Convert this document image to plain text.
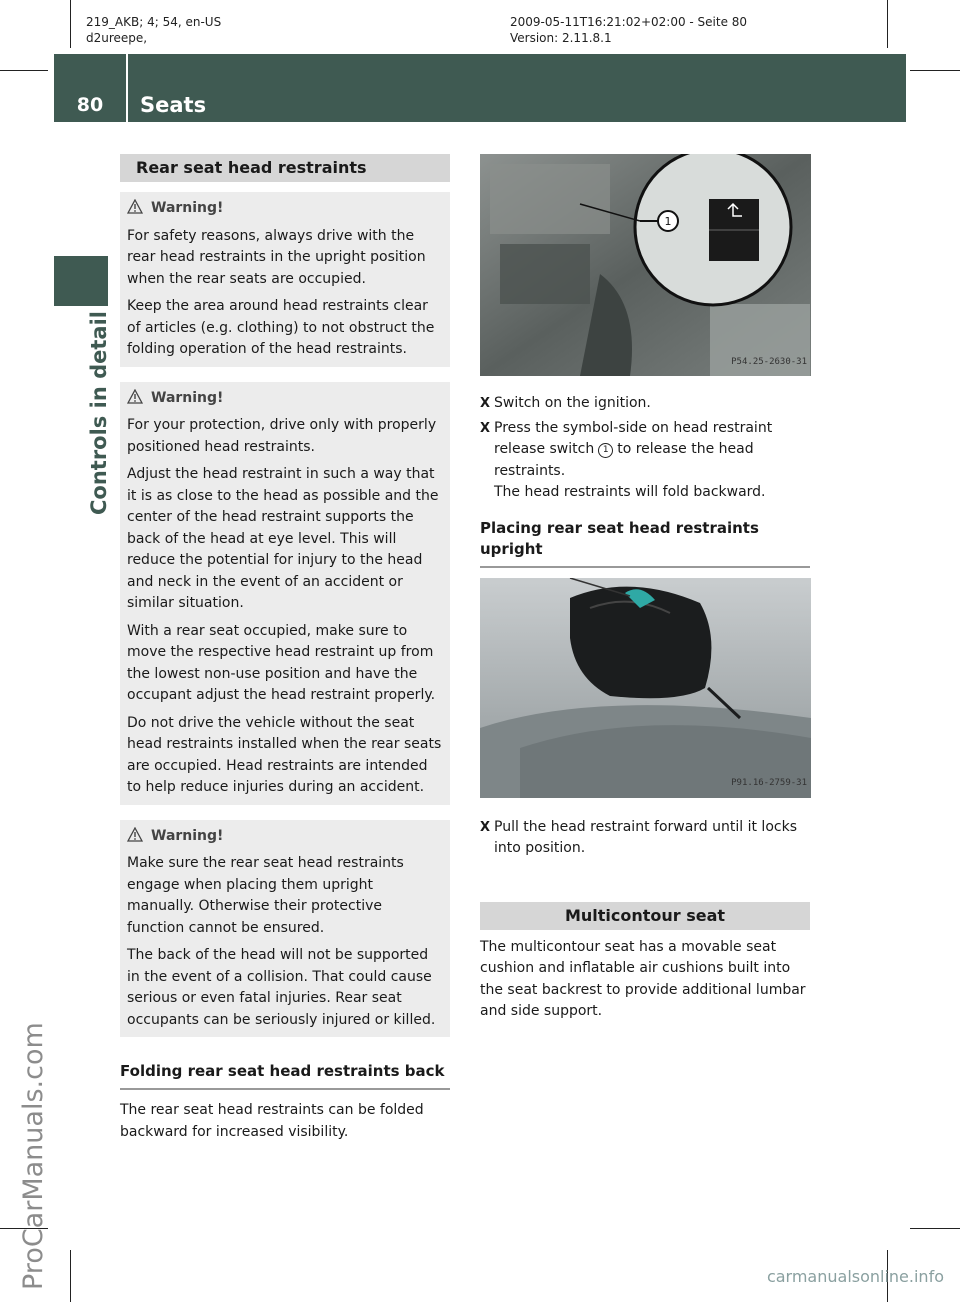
219_AKB; 4; 54, en-US
d2ureepe,
2009-05-11T16:21:02+02:00 - Seite 80
Version: 2.11.8.1
80	Seats
Controls in detail
ProCarManuals.com
Rear seat head restraints

Warning!

For safety reasons, always drive with the rear head restraints in the upright position when the rear seats are occupied.

Keep the area around head restraints clear of articles (e.g. clothing) to not obstruct the folding operation of the head restraints.

Warning!

For your protection, drive only with properly positioned head restraints.

Adjust the head restraint in such a way that it is as close to the head as possible and the center of the head restraint supports the back of the head at eye level. This will reduce the potential for injury to the head and neck in the event of an accident or similar situation.

With a rear seat occupied, make sure to move the respective head restraint up from the lowest non-use position and have the occupant adjust the head restraint properly.

Do not drive the vehicle without the seat head restraints installed when the rear seats are occupied. Head restraints are intended to help reduce injuries during an accident.

Warning!

Make sure the rear seat head restraints engage when placing them upright manually. Otherwise their protective function cannot be ensured.

The back of the head will not be supported in the event of a collision. That could cause serious or even fatal injuries. Rear seat occupants can be seriously injured or killed.

Folding rear seat head restraints back

The rear seat head restraints can be folded backward for increased visibility.

1
P54.25-2630-31
X Switch on the ignition.
X Press the symbol-side on head restraint release switch 1 to release the head restraints.
The head restraints will fold backward.
Placing rear seat head restraints upright
P91.16-2759-31
X Pull the head restraint forward until it locks into position.
Multicontour seat

The multicontour seat has a movable seat cushion and inflatable air cushions built into the seat backrest to provide additional lumbar and side support.

carmanualsonline.info
